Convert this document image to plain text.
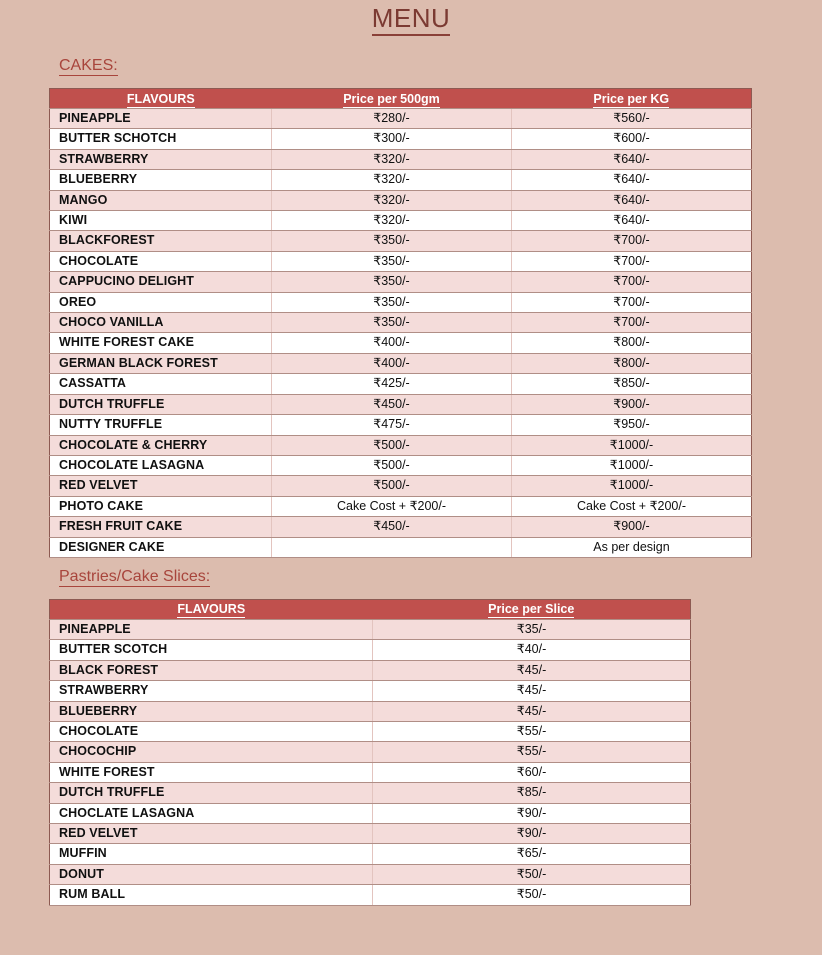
MENU
CAKES:
FLAVOURS	Price per 500gm	Price per KG
PINEAPPLE	₹280/-	₹560/-
BUTTER SCHOTCH	₹300/-	₹600/-
STRAWBERRY	₹320/-	₹640/-
BLUEBERRY	₹320/-	₹640/-
MANGO	₹320/-	₹640/-
KIWI	₹320/-	₹640/-
BLACKFOREST	₹350/-	₹700/-
CHOCOLATE	₹350/-	₹700/-
CAPPUCINO DELIGHT	₹350/-	₹700/-
OREO	₹350/-	₹700/-
CHOCO VANILLA	₹350/-	₹700/-
WHITE FOREST CAKE	₹400/-	₹800/-
GERMAN BLACK FOREST	₹400/-	₹800/-
CASSATTA	₹425/-	₹850/-
DUTCH TRUFFLE	₹450/-	₹900/-
NUTTY TRUFFLE	₹475/-	₹950/-
CHOCOLATE & CHERRY	₹500/-	₹1000/-
CHOCOLATE LASAGNA	₹500/-	₹1000/-
RED VELVET	₹500/-	₹1000/-
PHOTO CAKE	Cake Cost + ₹200/-	Cake Cost + ₹200/-
FRESH FRUIT CAKE	₹450/-	₹900/-
DESIGNER CAKE		As per design
Pastries/Cake Slices:
FLAVOURS	Price per Slice
PINEAPPLE	₹35/-
BUTTER SCOTCH	₹40/-
BLACK FOREST	₹45/-
STRAWBERRY	₹45/-
BLUEBERRY	₹45/-
CHOCOLATE	₹55/-
CHOCOCHIP	₹55/-
WHITE FOREST	₹60/-
DUTCH TRUFFLE	₹85/-
CHOCLATE LASAGNA	₹90/-
RED VELVET	₹90/-
MUFFIN	₹65/-
DONUT	₹50/-
RUM BALL	₹50/-
